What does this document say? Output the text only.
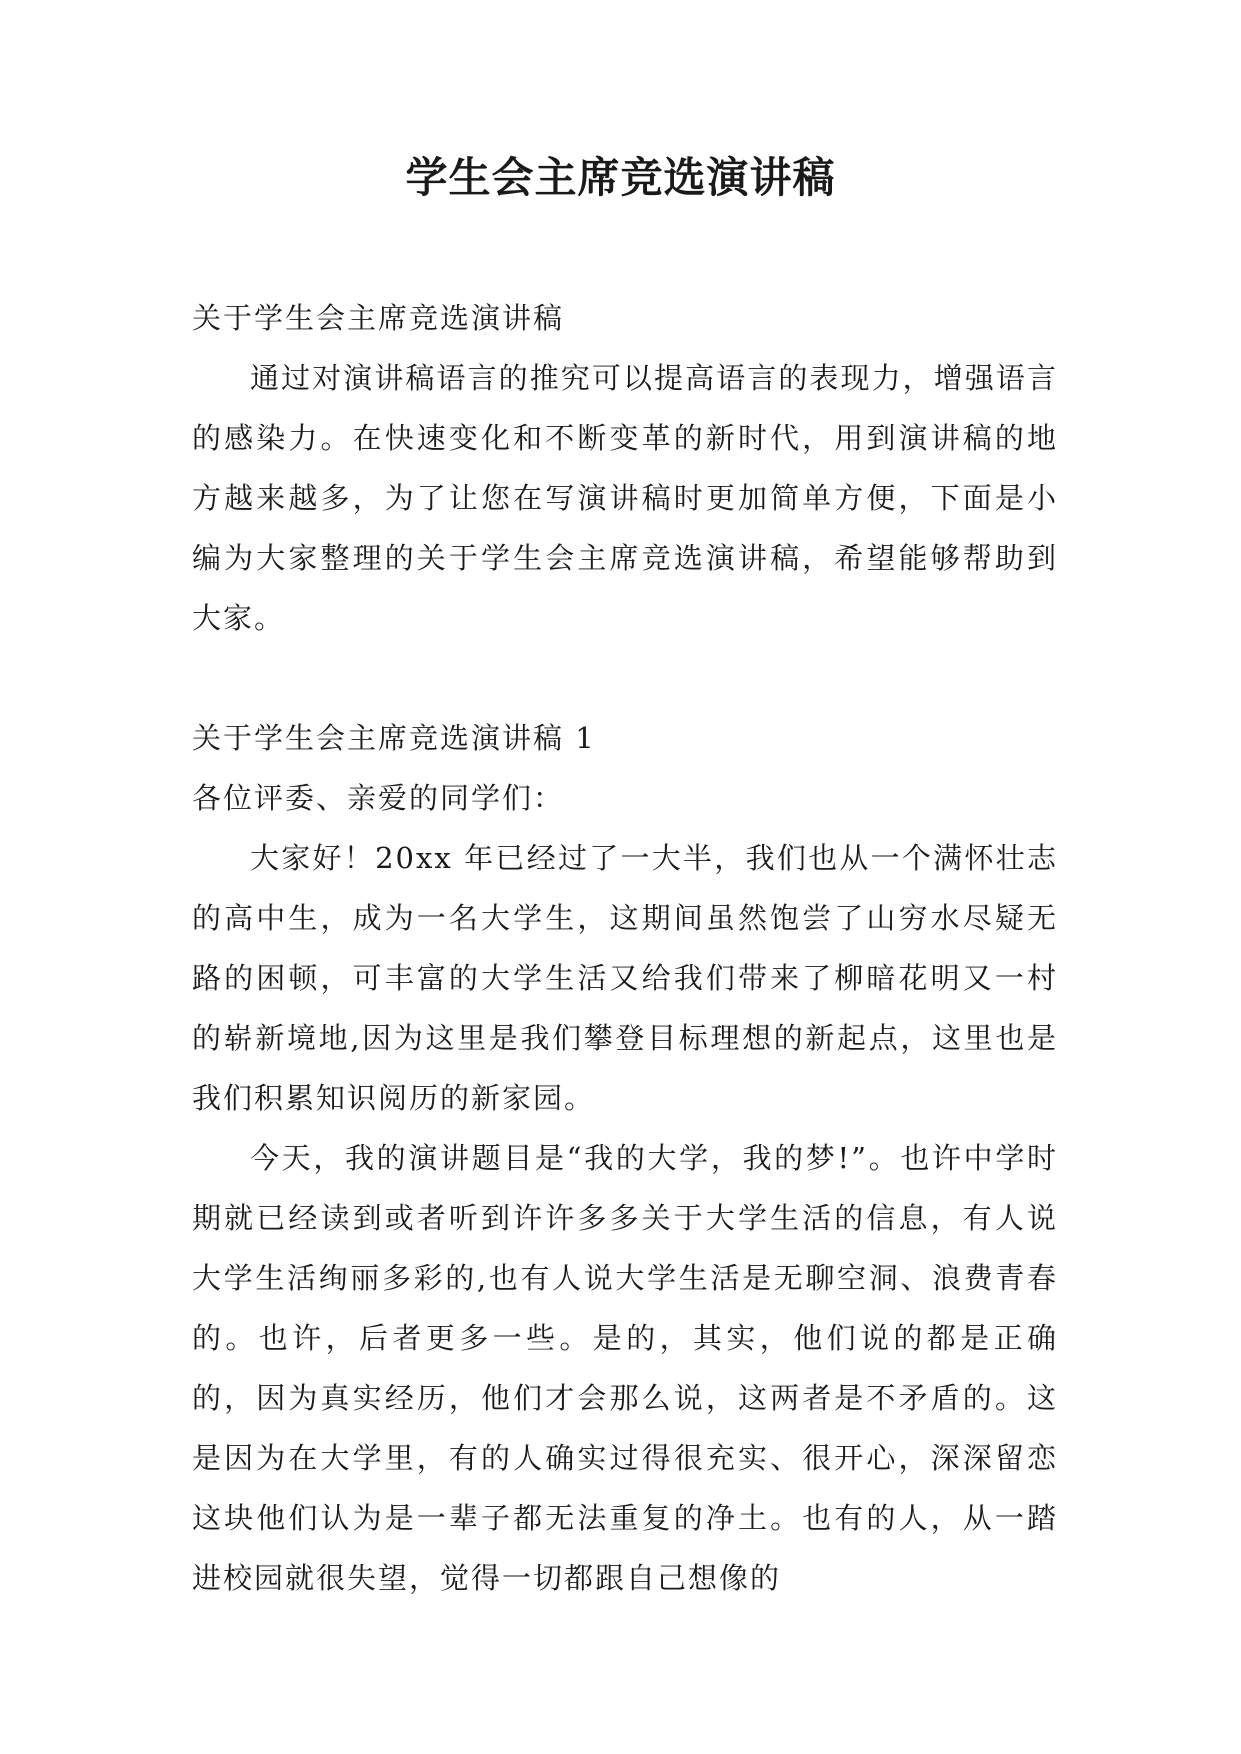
学生会主席竞选演讲稿

关于学生会主席竞选演讲稿

通过对演讲稿语言的推究可以提高语言的表现力，增强语言的感染力。在快速变化和不断变革的新时代，用到演讲稿的地方越来越多，为了让您在写演讲稿时更加简单方便，下面是小编为大家整理的关于学生会主席竞选演讲稿，希望能够帮助到大家。

关于学生会主席竞选演讲稿 1

各位评委、亲爱的同学们：

大家好！20xx 年已经过了一大半，我们也从一个满怀壮志的高中生，成为一名大学生，这期间虽然饱尝了山穷水尽疑无路的困顿，可丰富的大学生活又给我们带来了柳暗花明又一村的崭新境地,因为这里是我们攀登目标理想的新起点，这里也是我们积累知识阅历的新家园。

今天，我的演讲题目是“我的大学，我的梦!”。也许中学时期就已经读到或者听到许许多多关于大学生活的信息，有人说大学生活绚丽多彩的,也有人说大学生活是无聊空洞、浪费青春的。也许，后者更多一些。是的，其实，他们说的都是正确的，因为真实经历，他们才会那么说，这两者是不矛盾的。这是因为在大学里，有的人确实过得很充实、很开心，深深留恋这块他们认为是一辈子都无法重复的净土。也有的人，从一踏进校园就很失望，觉得一切都跟自己想像的
